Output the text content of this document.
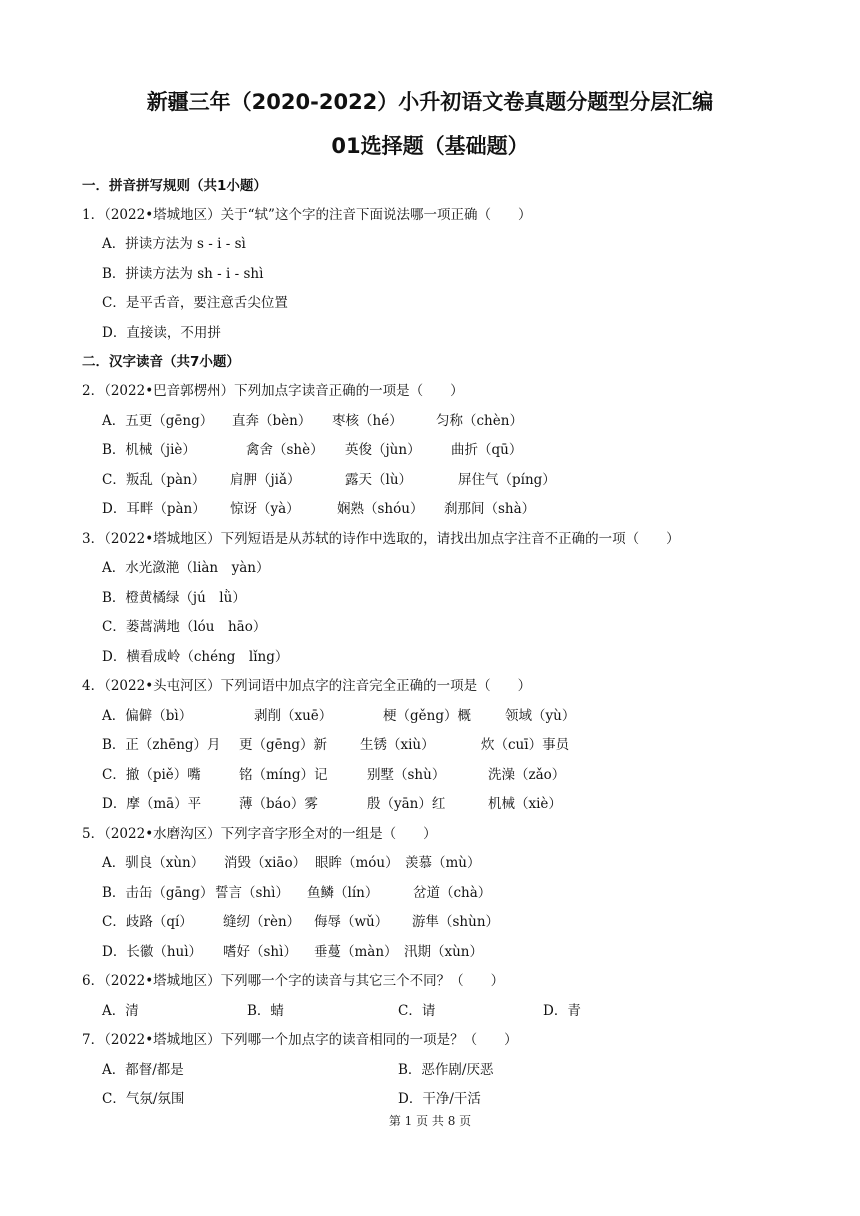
新疆三年（2020-2022）小升初语文卷真题分题型分层汇编
01选择题（基础题）
一．拼音拼写规则（共1小题）
1．（2022•塔城地区）关于“轼”这个字的注音下面说法哪一项正确（　　）
A．拼读方法为 s - i - sì
B．拼读方法为 sh - i - shì
C．是平舌音，要注意舌尖位置
D．直接读，不用拼
二．汉字读音（共7小题）
2．（2022•巴音郭楞州）下列加点字读音正确的一项是（　　）
A．五更（gēng） 直奔（bèn） 枣核（hé） 匀称（chèn）
B．机械（jiè）	禽舍（shè） 英俊（jùn） 曲折（qū）
C．叛乱（pàn） 肩胛（jiǎ）	露天（lù）	屏住气（píng）
D．耳畔（pàn） 惊讶（yà）	娴熟（shóu） 刹那间（shà）
3．（2022•塔城地区）下列短语是从苏轼的诗作中选取的，请找出加点字注音不正确的一项（　　）
A．水光潋滟（liàn　yàn）
B．橙黄橘绿（jú　lǜ）
C．蒌蒿满地（lóu　hāo）
D．横看成岭（chéng　lǐng）
4．（2022•头屯河区）下列词语中加点字的注音完全正确的一项是（　　）
A．偏僻（bì）	剥削（xuē）	梗（gěng）概	领域（yù）
B．正（zhēng）月 更（gēng）新 生锈（xiù）	炊（cuī）事员
C．撤（piě）嘴	铭（míng）记	别墅（shù）	洗澡（zǎo）
D．摩（mā）平	薄（báo）雾	殷（yān）红	机械（xiè）
5．（2022•水磨沟区）下列字音字形全对的一组是（　　）
A．驯良（xùn） 消毁（xiāo） 眼眸（móu） 羡慕（mù）
B．击缶（gāng） 誓言（shì） 鱼鳞（lín）	岔道（chà）
C．歧路（qí） 缝纫（rèn） 侮辱（wǔ） 游隼（shùn）
D．长徽（huì） 嗜好（shì） 垂蔓（màn） 汛期（xùn）
6．（2022•塔城地区）下列哪一个字的读音与其它三个不同？（　　）
A．清	B．蜻	C．请	D．青
7．（2022•塔城地区）下列哪一个加点字的读音相同的一项是？（　　）
A．都督/都是	B．恶作剧/厌恶
C．气氛/氛围	D．干净/干活
第 1 页 共 8 页
